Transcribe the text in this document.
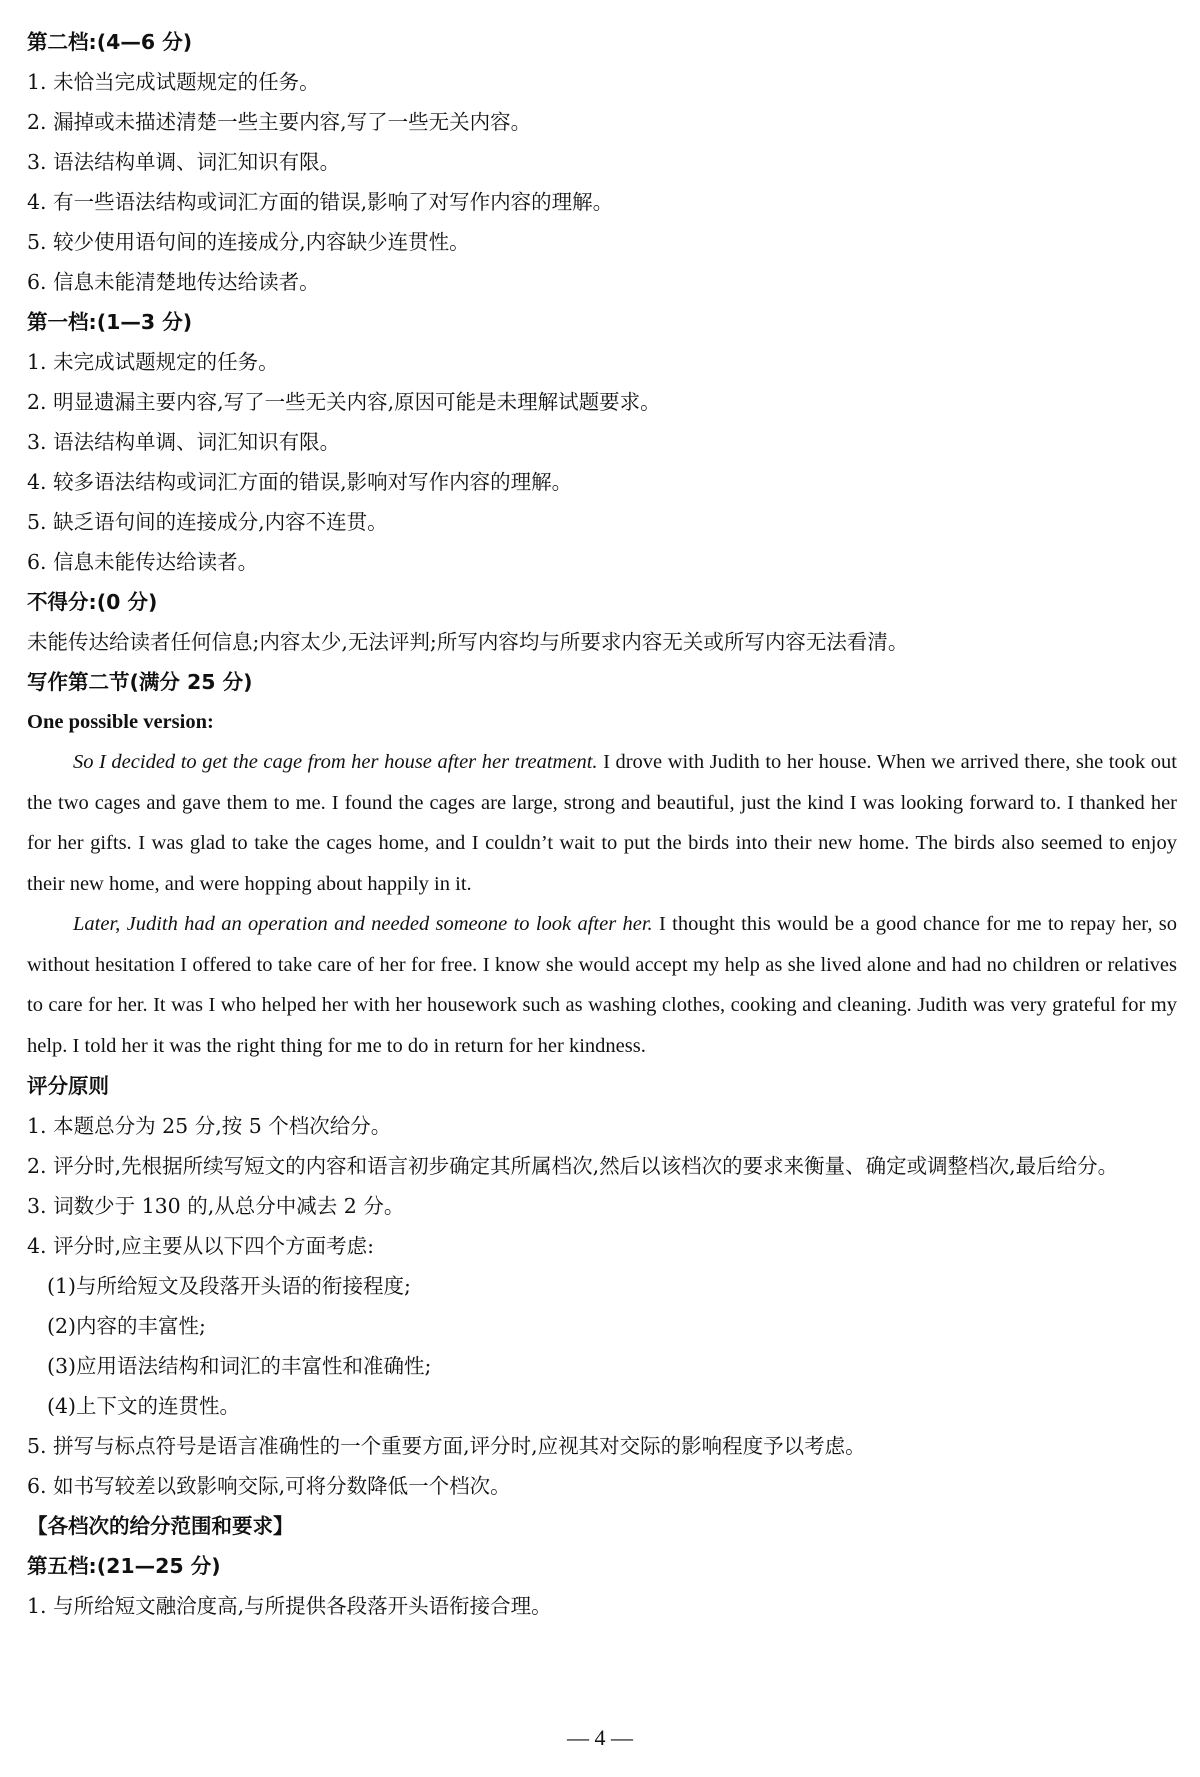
第二档:(4—6 分)
1. 未恰当完成试题规定的任务。
2. 漏掉或未描述清楚一些主要内容,写了一些无关内容。
3. 语法结构单调、词汇知识有限。
4. 有一些语法结构或词汇方面的错误,影响了对写作内容的理解。
5. 较少使用语句间的连接成分,内容缺少连贯性。
6. 信息未能清楚地传达给读者。
第一档:(1—3 分)
1. 未完成试题规定的任务。
2. 明显遗漏主要内容,写了一些无关内容,原因可能是未理解试题要求。
3. 语法结构单调、词汇知识有限。
4. 较多语法结构或词汇方面的错误,影响对写作内容的理解。
5. 缺乏语句间的连接成分,内容不连贯。
6. 信息未能传达给读者。
不得分:(0 分)
未能传达给读者任何信息;内容太少,无法评判;所写内容均与所要求内容无关或所写内容无法看清。
写作第二节(满分 25 分)
One possible version:

So I decided to get the cage from her house after her treatment. I drove with Judith to her house. When we arrived there, she took out the two cages and gave them to me. I found the cages are large, strong and beautiful, just the kind I was looking forward to. I thanked her for her gifts. I was glad to take the cages home, and I couldn’t wait to put the birds into their new home. The birds also seemed to enjoy their new home, and were hopping about happily in it.

Later, Judith had an operation and needed someone to look after her. I thought this would be a good chance for me to repay her, so without hesitation I offered to take care of her for free. I know she would accept my help as she lived alone and had no children or relatives to care for her. It was I who helped her with her housework such as washing clothes, cooking and cleaning. Judith was very grateful for my help. I told her it was the right thing for me to do in return for her kindness.

评分原则
1. 本题总分为 25 分,按 5 个档次给分。
2. 评分时,先根据所续写短文的内容和语言初步确定其所属档次,然后以该档次的要求来衡量、确定或调整档次,最后给分。
3. 词数少于 130 的,从总分中减去 2 分。
4. 评分时,应主要从以下四个方面考虑:
(1)与所给短文及段落开头语的衔接程度;
(2)内容的丰富性;
(3)应用语法结构和词汇的丰富性和准确性;
(4)上下文的连贯性。
5. 拼写与标点符号是语言准确性的一个重要方面,评分时,应视其对交际的影响程度予以考虑。
6. 如书写较差以致影响交际,可将分数降低一个档次。
【各档次的给分范围和要求】
第五档:(21—25 分)
1. 与所给短文融洽度高,与所提供各段落开头语衔接合理。
— 4 —
